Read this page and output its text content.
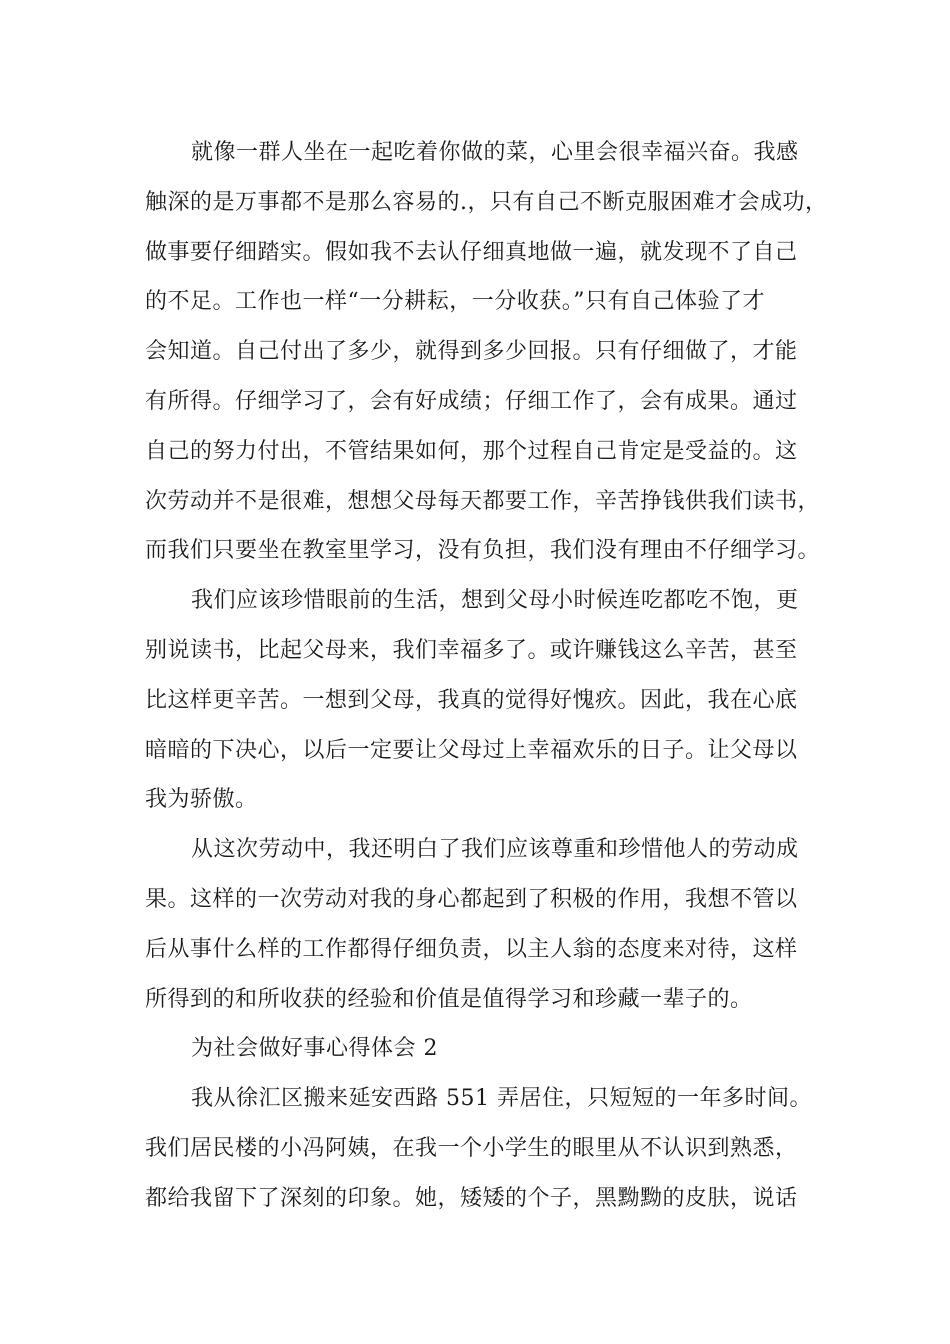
就像一群人坐在一起吃着你做的菜，心里会很幸福兴奋。我感
触深的是万事都不是那么容易的.，只有自己不断克服困难才会成功，
做事要仔细踏实。假如我不去认仔细真地做一遍，就发现不了自己
的不足。工作也一样“一分耕耘，一分收获。”只有自己体验了才
会知道。自己付出了多少，就得到多少回报。只有仔细做了，才能
有所得。仔细学习了，会有好成绩；仔细工作了，会有成果。通过
自己的努力付出，不管结果如何，那个过程自己肯定是受益的。这
次劳动并不是很难，想想父母每天都要工作，辛苦挣钱供我们读书，
而我们只要坐在教室里学习，没有负担，我们没有理由不仔细学习。
我们应该珍惜眼前的生活，想到父母小时候连吃都吃不饱，更
别说读书，比起父母来，我们幸福多了。或许赚钱这么辛苦，甚至
比这样更辛苦。一想到父母，我真的觉得好愧疚。因此，我在心底
暗暗的下决心，以后一定要让父母过上幸福欢乐的日子。让父母以
我为骄傲。
从这次劳动中，我还明白了我们应该尊重和珍惜他人的劳动成
果。这样的一次劳动对我的身心都起到了积极的作用，我想不管以
后从事什么样的工作都得仔细负责，以主人翁的态度来对待，这样
所得到的和所收获的经验和价值是值得学习和珍藏一辈子的。
为社会做好事心得体会 2
我从徐汇区搬来延安西路 551 弄居住，只短短的一年多时间。
我们居民楼的小冯阿姨，在我一个小学生的眼里从不认识到熟悉，
都给我留下了深刻的印象。她，矮矮的个子，黑黝黝的皮肤，说话
